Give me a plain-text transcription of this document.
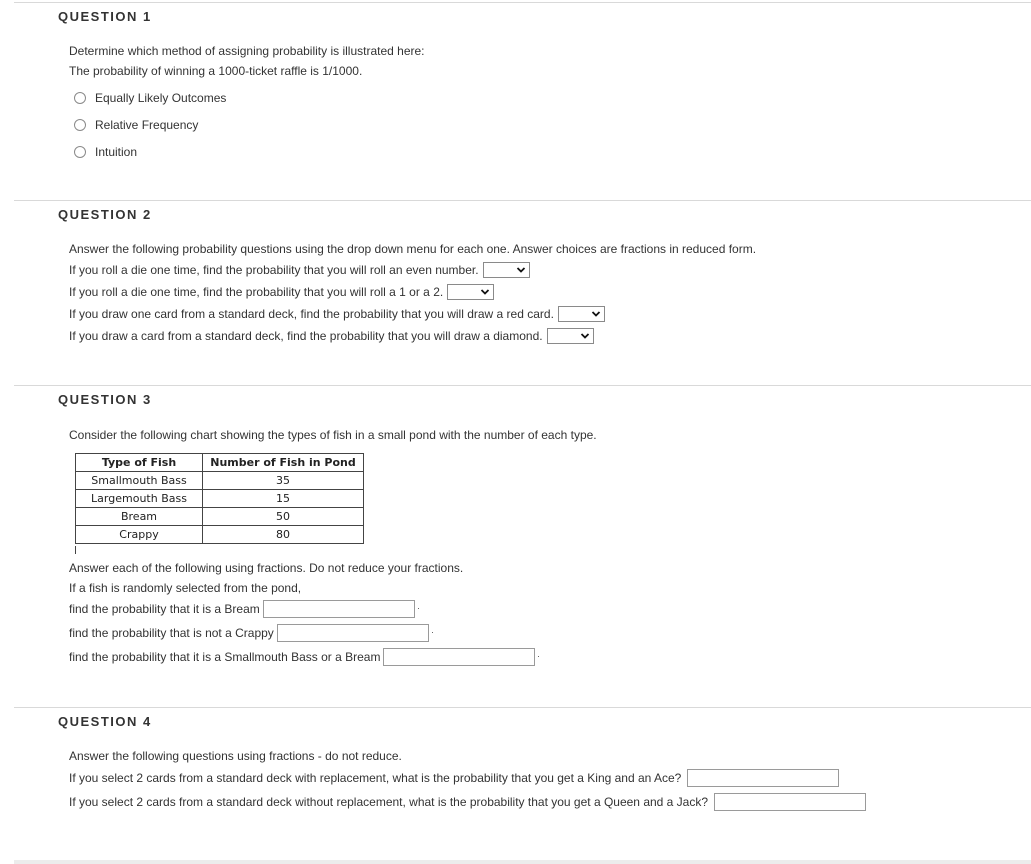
QUESTION 1
Determine which method of assigning probability is illustrated here:
The probability of winning a 1000-ticket raffle is 1/1000.
Equally Likely Outcomes
Relative Frequency
Intuition
QUESTION 2
Answer the following probability questions using the drop down menu for each one. Answer choices are fractions in reduced form.
If you roll a die one time, find the probability that you will roll an even number.
If you roll a die one time, find the probability that you will roll a 1 or a 2.
If you draw one card from a standard deck, find the probability that you will draw a red card.
If you draw a card from a standard deck, find the probability that you will draw a diamond.
QUESTION 3
Consider the following chart showing the types of fish in a small pond with the number of each type.
Type of Fish	Number of Fish in Pond
Smallmouth Bass	35
Largemouth Bass	15
Bream	50
Crappy	80
Answer each of the following using fractions. Do not reduce your fractions.
If a fish is randomly selected from the pond,
find the probability that it is a Bream
find the probability that is not a Crappy
find the probability that it is a Smallmouth Bass or a Bream
QUESTION 4
Answer the following questions using fractions - do not reduce.
If you select 2 cards from a standard deck with replacement, what is the probability that you get a King and an Ace?
If you select 2 cards from a standard deck without replacement, what is the probability that you get a Queen and a Jack?
